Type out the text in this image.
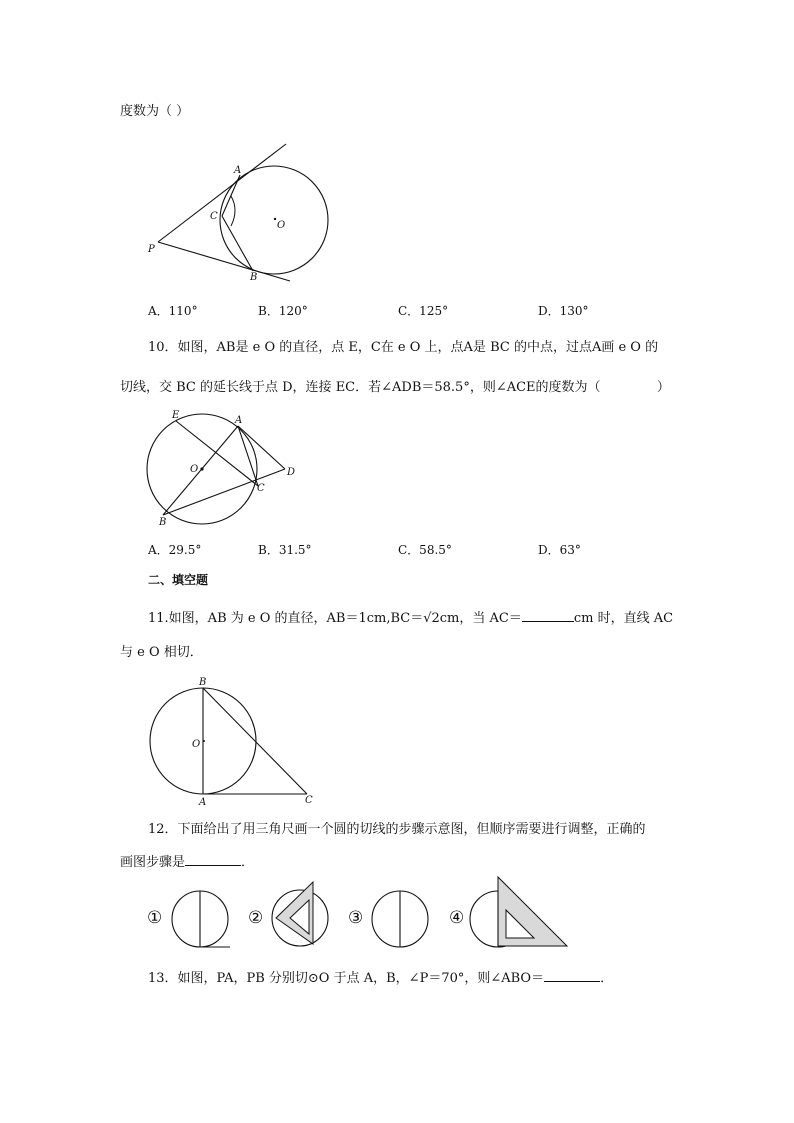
度数为（ ）
A
C
O
P
B
A．110°	B．120°	C．125°	D．130°
10．如图，AB是 e O 的直径，点 E，C在 e O 上，点A是 BC 的中点，过点A画 e O 的
切线，交 BC 的延长线于点 D，连接 EC．若∠ADB＝58.5°，则∠ACE的度数为（	）
E	A
O	D
C
B
A．29.5°	B．31.5°	C．58.5°	D．63°
二、填空题
11.如图，AB 为 e O 的直径，AB＝1cm,BC＝√2cm，当 AC＝	cm 时，直线 AC
与 e O 相切．
B
O
A	C
12．下面给出了用三角尺画一个圆的切线的步骤示意图，但顺序需要进行调整，正确的
画图步骤是	．
①	②	③	④
13．如图，PA，PB 分别切⊙O 于点 A，B，∠P＝70°，则∠ABO＝	．
